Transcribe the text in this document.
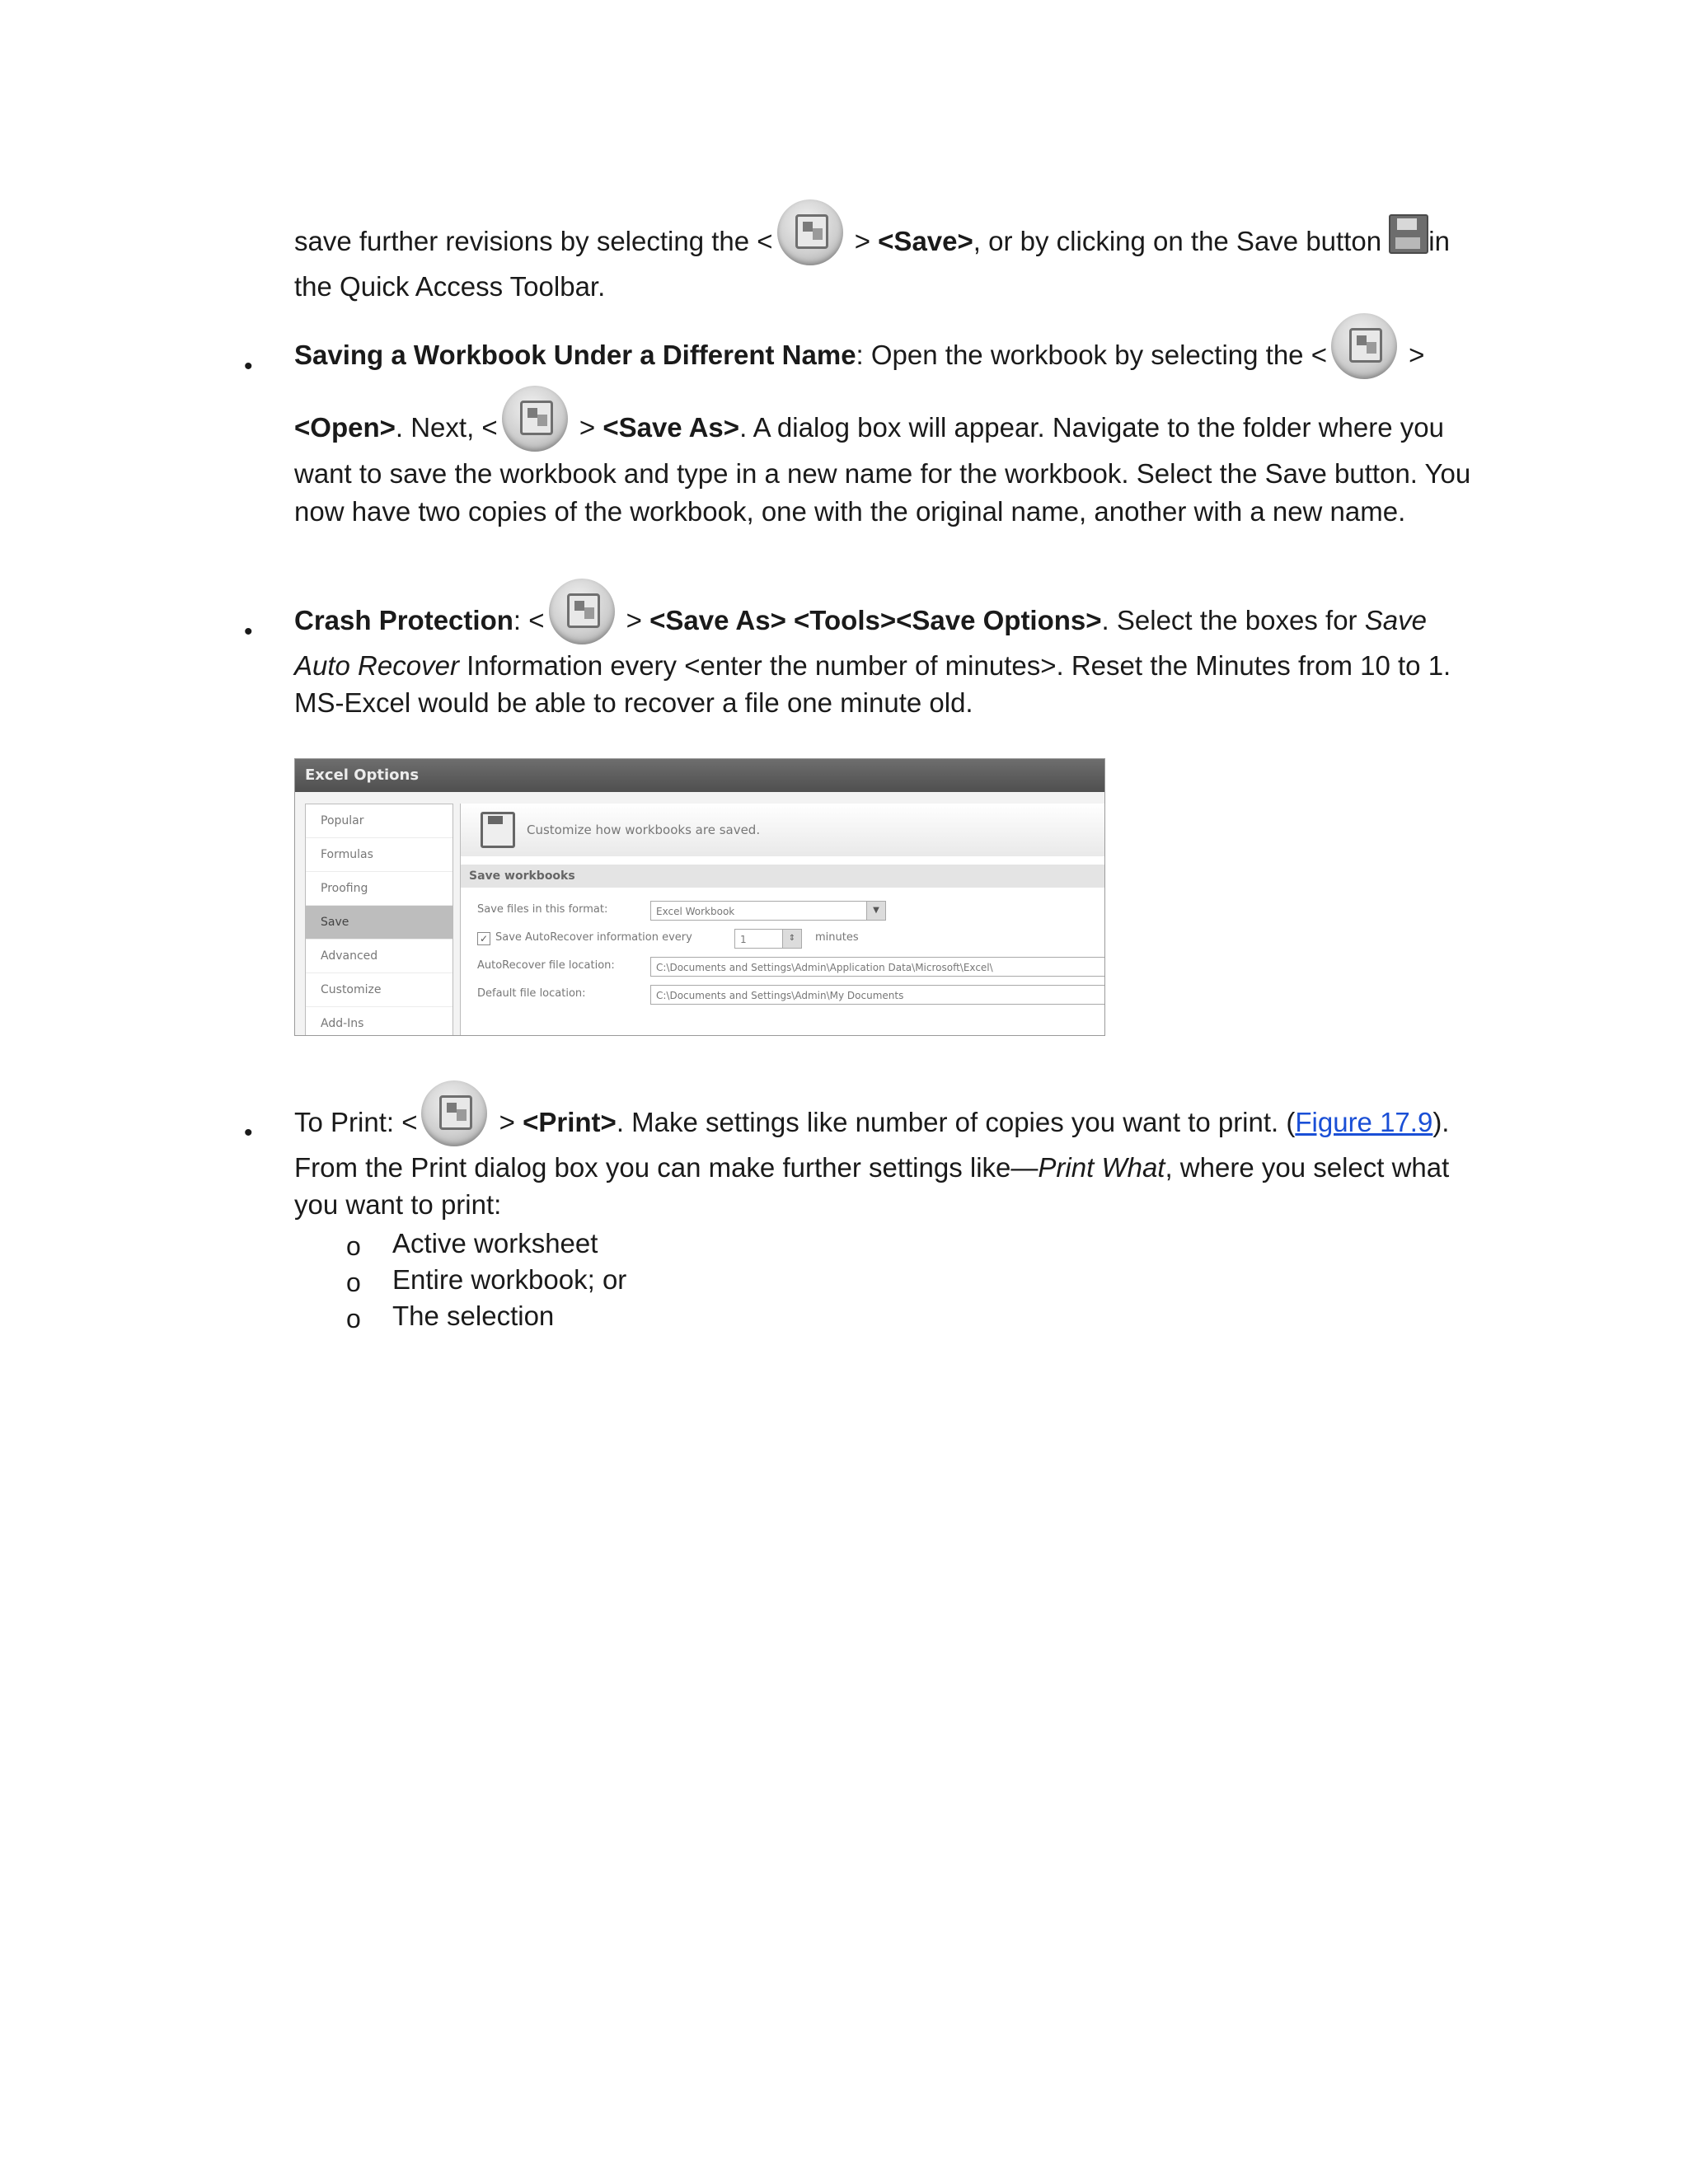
save further revisions by selecting the <	> <Save>, or by clicking on the Save button in
the Quick Access Toolbar.

• Saving a Workbook Under a Different Name: Open the workbook by selecting the <	>
<Open>. Next, <	> <Save As>. A dialog box will appear. Navigate to the folder where you want to save the workbook and type in a new name for the workbook. Select the Save button. You now have two copies of the workbook, one with the original name, another with a new name.

• Crash Protection: <	> <Save As> <Tools><Save Options>. Select the boxes for Save Auto Recover Information every <enter the number of minutes>. Reset the Minutes from 10 to 1. MS-Excel would be able to recover a file one minute old.

Excel Options
Popular
Formulas
Proofing
Save
Advanced
Customize
Add-Ins
Customize how workbooks are saved.
Save workbooks
Save files in this format:	Excel Workbook	▼
✓ Save AutoRecover information every	1	⇕	minutes
AutoRecover file location:	C:\Documents and Settings\Admin\Application Data\Microsoft\Excel\
Default file location:	C:\Documents and Settings\Admin\My Documents
• To Print: <	> <Print>. Make settings like number of copies you want to print. (Figure 17.9). From the Print dialog box you can make further settings like—Print What, where you select what you want to print:

o Active worksheet
o Entire workbook; or
o The selection
